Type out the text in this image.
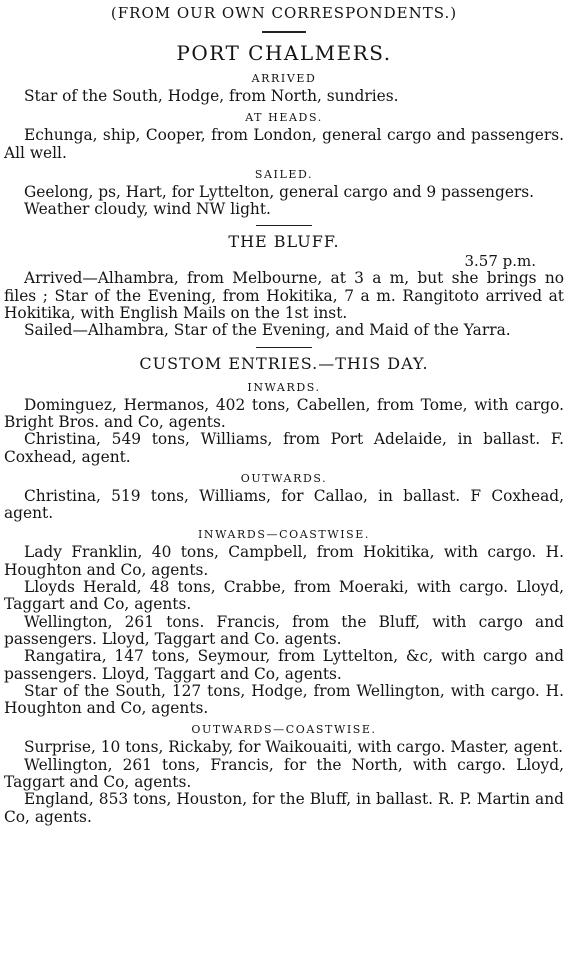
(FROM OUR OWN CORRESPONDENTS.)
PORT CHALMERS.
ARRIVED

Star of the South, Hodge, from North, sundries.

AT HEADS.

Echunga, ship, Cooper, from London, general cargo and passengers. All well.

SAILED.

Geelong, ps, Hart, for Lyttelton, general cargo and 9 passengers.

Weather cloudy, wind NW light.

THE BLUFF.
3.57 p.m.

Arrived—Alhambra, from Melbourne, at 3 a m, but she brings no files ; Star of the Evening, from Hokitika, 7 a m. Rangitoto arrived at Hokitika, with English Mails on the 1st inst.

Sailed—Alhambra, Star of the Evening, and Maid of the Yarra.

CUSTOM ENTRIES.—THIS DAY.
INWARDS.

Dominguez, Hermanos, 402 tons, Cabellen, from Tome, with cargo. Bright Bros. and Co, agents.

Christina, 549 tons, Williams, from Port Adelaide, in ballast. F. Coxhead, agent.

OUTWARDS.

Christina, 519 tons, Williams, for Callao, in ballast. F Coxhead, agent.

INWARDS—COASTWISE.

Lady Franklin, 40 tons, Campbell, from Hokitika, with cargo. H. Houghton and Co, agents.

Lloyds Herald, 48 tons, Crabbe, from Moeraki, with cargo. Lloyd, Taggart and Co, agents.

Wellington, 261 tons. Francis, from the Bluff, with cargo and passengers. Lloyd, Taggart and Co. agents.

Rangatira, 147 tons, Seymour, from Lyttelton, &c, with cargo and passengers. Lloyd, Taggart and Co, agents.

Star of the South, 127 tons, Hodge, from Wellington, with cargo. H. Houghton and Co, agents.

OUTWARDS—COASTWISE.

Surprise, 10 tons, Rickaby, for Waikouaiti, with cargo. Master, agent.

Wellington, 261 tons, Francis, for the North, with cargo. Lloyd, Taggart and Co, agents.

England, 853 tons, Houston, for the Bluff, in ballast. R. P. Martin and Co, agents.
